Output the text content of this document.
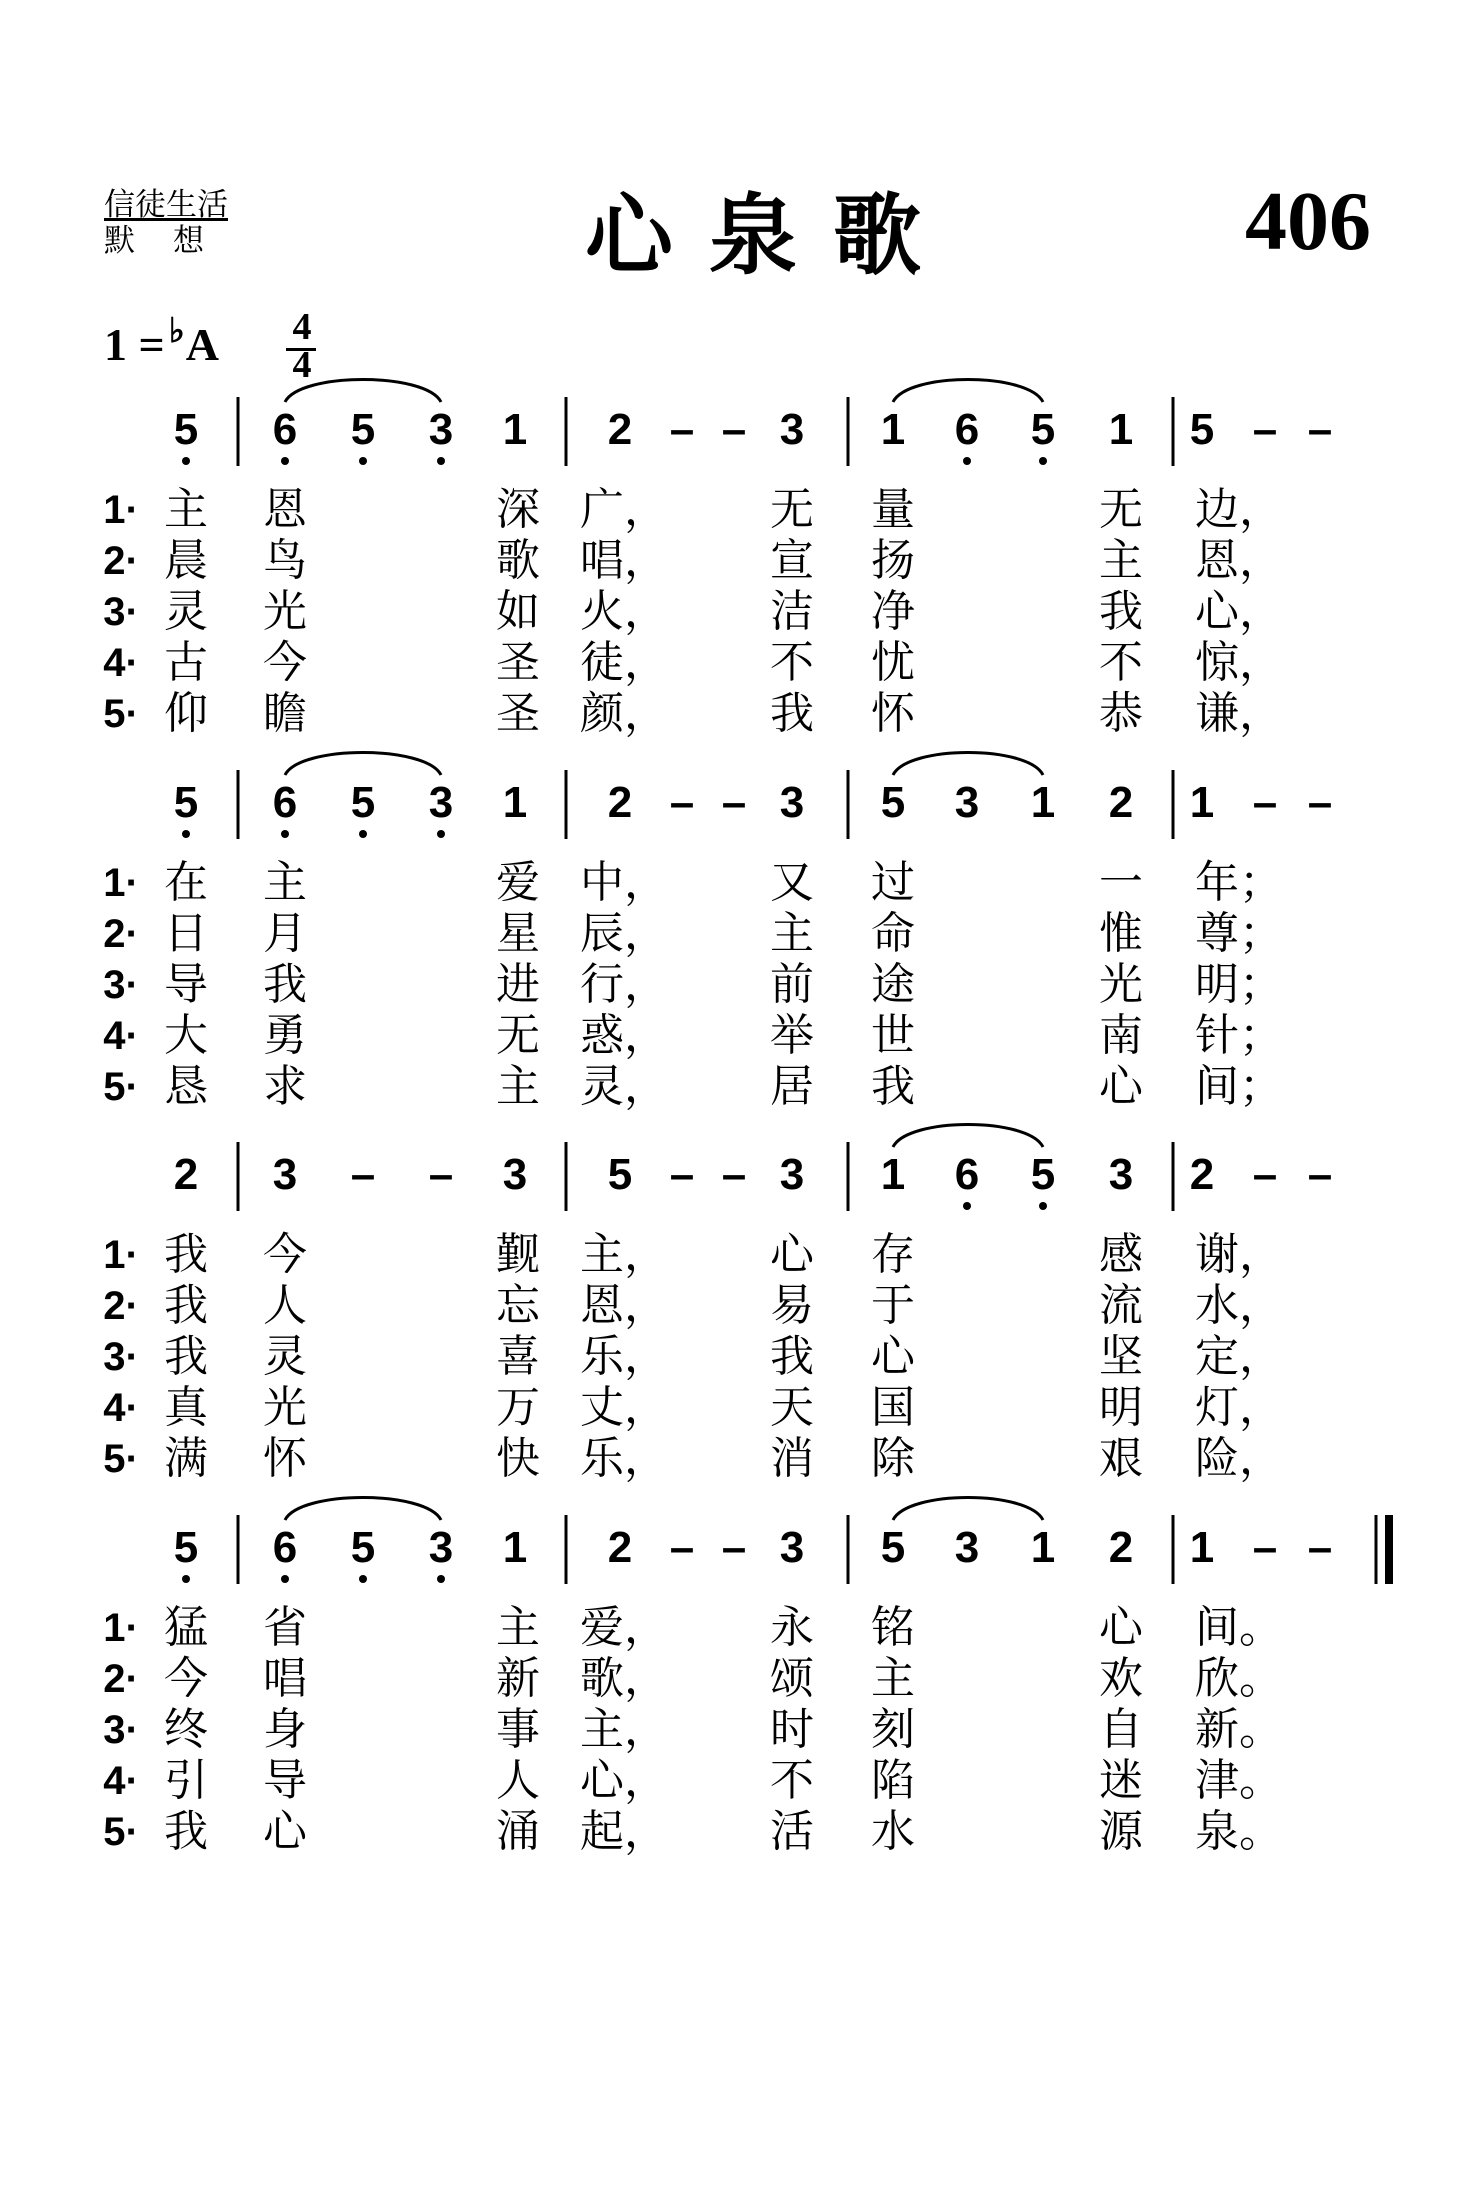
信徒生活
默想	心泉歌	406
1 = ♭A 4
4
5 6 5 3 1 2 – – 3 1 6 5 1 5 – –
1· 主 恩	深 广， 无 量	无 边，
2· 晨 鸟	歌 唱， 宣 扬	主 恩，
3· 灵 光	如 火， 洁 净	我 心，
4· 古 今	圣 徒， 不 忧	不 惊，
5· 仰 瞻	圣 颜， 我 怀	恭 谦，
5 6 5 3 1 2 – – 3 5 3 1 2 1 – –
1· 在 主	爱 中， 又 过	一 年；
2· 日 月	星 辰， 主 命	惟 尊；
3· 导 我	进 行， 前 途	光 明；
4· 大 勇	无 惑， 举 世	南 针；
5· 恳 求	主 灵， 居 我	心 间；
2 3 – – 3 5 – – 3 1 6 5 3 2 – –
1· 我 今	觐 主， 心 存	感 谢，
2· 我 人	忘 恩， 易 于	流 水，
3· 我 灵	喜 乐， 我 心	坚 定，
4· 真 光	万 丈， 天 国	明 灯，
5· 满 怀	快 乐， 消 除	艰 险，
5 6 5 3 1 2 – – 3 5 3 1 2 1 – –
1· 猛 省	主 爱， 永 铭	心 间。
2· 今 唱	新 歌， 颂 主	欢 欣。
3· 终 身	事 主， 时 刻	自 新。
4· 引 导	人 心， 不 陷	迷 津。
5· 我 心	涌 起， 活 水	源 泉。
